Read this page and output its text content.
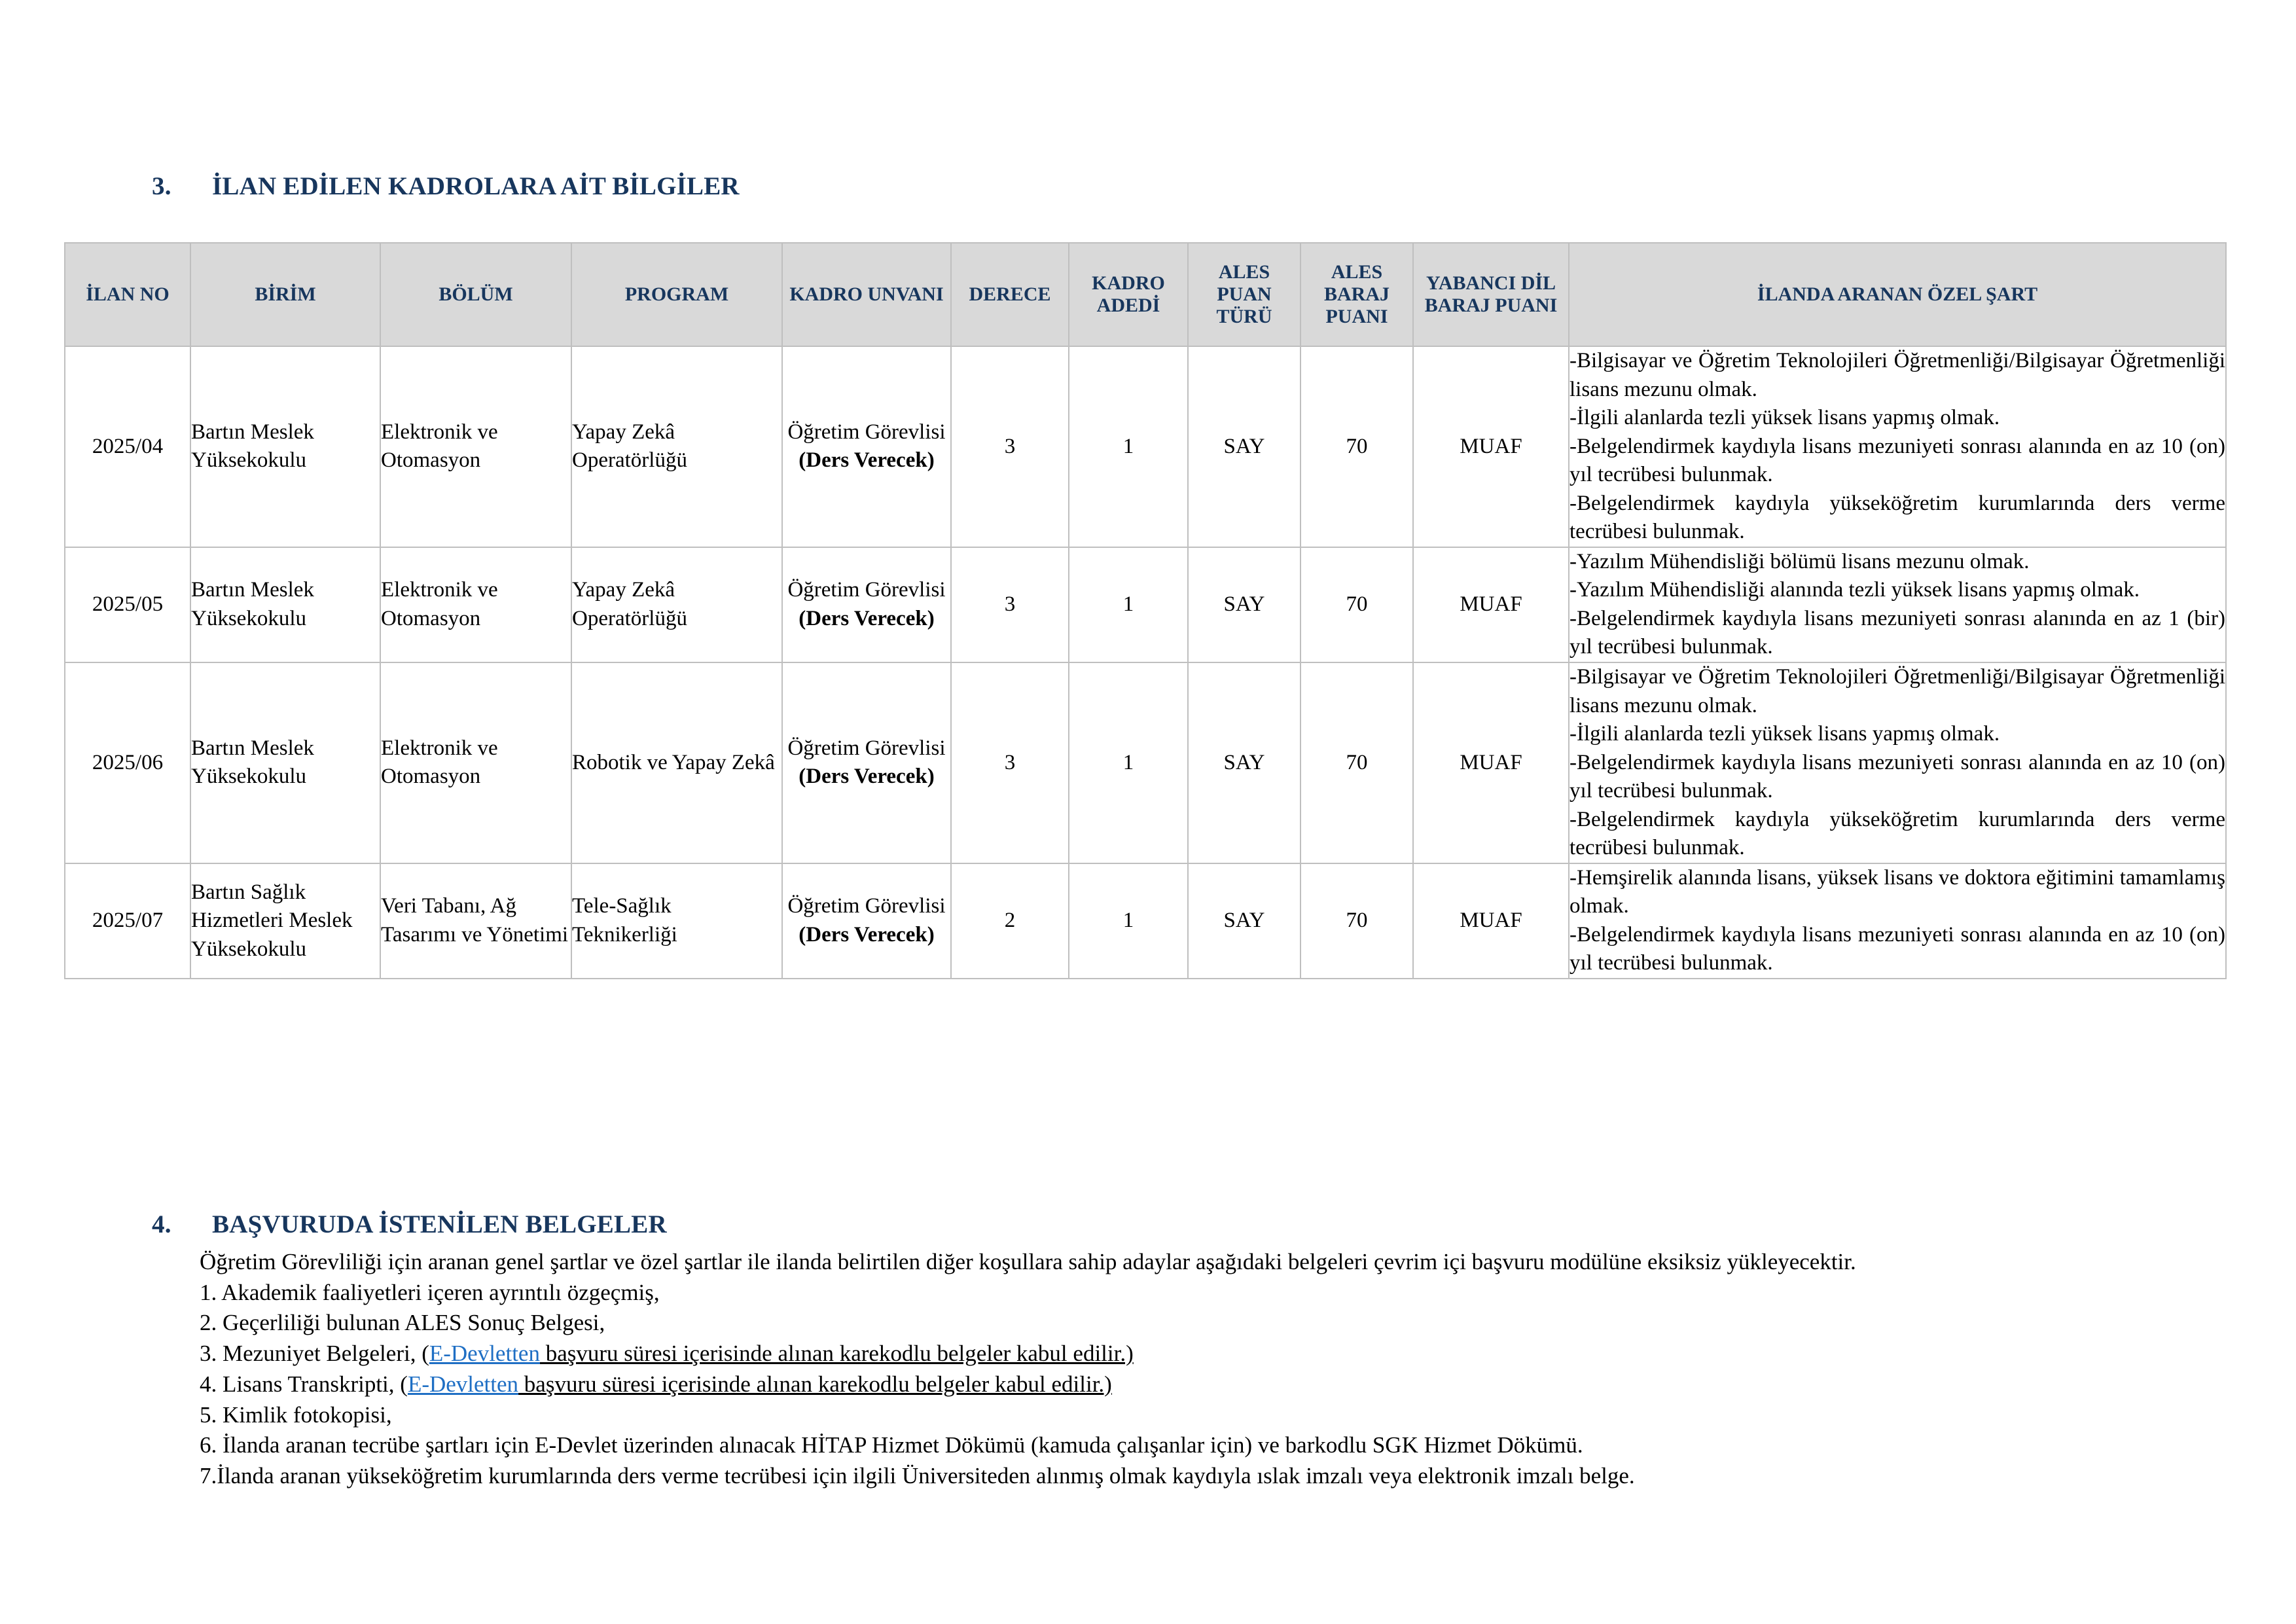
3.	İLAN EDİLEN KADROLARA AİT BİLGİLER
İLAN NO	BİRİM	BÖLÜM	PROGRAM	KADRO UNVANI	DERECE	KADRO ADEDİ	ALES PUAN TÜRÜ	ALES BARAJ PUANI	YABANCI DİL BARAJ PUANI	İLANDA ARANAN ÖZEL ŞART
2025/04	Bartın Meslek Yüksekokulu	Elektronik ve Otomasyon	Yapay Zekâ Operatörlüğü	Öğretim Görevlisi (Ders Verecek)	3	1	SAY	70	MUAF	-Bilgisayar ve Öğretim Teknolojileri Öğretmenliği/Bilgisayar Öğretmenliği lisans mezunu olmak.
-İlgili alanlarda tezli yüksek lisans yapmış olmak.
-Belgelendirmek kaydıyla lisans mezuniyeti sonrası alanında en az 10 (on) yıl tecrübesi bulunmak.
-Belgelendirmek kaydıyla yükseköğretim kurumlarında ders verme tecrübesi bulunmak.

2025/05	Bartın Meslek Yüksekokulu	Elektronik ve Otomasyon	Yapay Zekâ Operatörlüğü	Öğretim Görevlisi (Ders Verecek)	3	1	SAY	70	MUAF	-Yazılım Mühendisliği bölümü lisans mezunu olmak.
-Yazılım Mühendisliği alanında tezli yüksek lisans yapmış olmak.
-Belgelendirmek kaydıyla lisans mezuniyeti sonrası alanında en az 1 (bir) yıl tecrübesi bulunmak.

2025/06	Bartın Meslek Yüksekokulu	Elektronik ve Otomasyon	Robotik ve Yapay Zekâ	Öğretim Görevlisi (Ders Verecek)	3	1	SAY	70	MUAF	-Bilgisayar ve Öğretim Teknolojileri Öğretmenliği/Bilgisayar Öğretmenliği lisans mezunu olmak.
-İlgili alanlarda tezli yüksek lisans yapmış olmak.
-Belgelendirmek kaydıyla lisans mezuniyeti sonrası alanında en az 10 (on) yıl tecrübesi bulunmak.
-Belgelendirmek kaydıyla yükseköğretim kurumlarında ders verme tecrübesi bulunmak.

2025/07	Bartın Sağlık Hizmetleri Meslek Yüksekokulu	Veri Tabanı, Ağ Tasarımı ve Yönetimi	Tele-Sağlık Teknikerliği	Öğretim Görevlisi (Ders Verecek)	2	1	SAY	70	MUAF	-Hemşirelik alanında lisans, yüksek lisans ve doktora eğitimini tamamlamış olmak.
-Belgelendirmek kaydıyla lisans mezuniyeti sonrası alanında en az 10 (on) yıl tecrübesi bulunmak.
4.	BAŞVURUDA İSTENİLEN BELGELER

Öğretim Görevliliği için aranan genel şartlar ve özel şartlar ile ilanda belirtilen diğer koşullara sahip adaylar aşağıdaki belgeleri çevrim içi başvuru modülüne eksiksiz yükleyecektir.

1. Akademik faaliyetleri içeren ayrıntılı özgeçmiş,

2. Geçerliliği bulunan ALES Sonuç Belgesi,

3. Mezuniyet Belgeleri, (E-Devletten başvuru süresi içerisinde alınan karekodlu belgeler kabul edilir.)

4. Lisans Transkripti, (E-Devletten başvuru süresi içerisinde alınan karekodlu belgeler kabul edilir.)

5. Kimlik fotokopisi,

6. İlanda aranan tecrübe şartları için E-Devlet üzerinden alınacak HİTAP Hizmet Dökümü (kamuda çalışanlar için) ve barkodlu SGK Hizmet Dökümü.

7.İlanda aranan yükseköğretim kurumlarında ders verme tecrübesi için ilgili Üniversiteden alınmış olmak kaydıyla ıslak imzalı veya elektronik imzalı belge.
